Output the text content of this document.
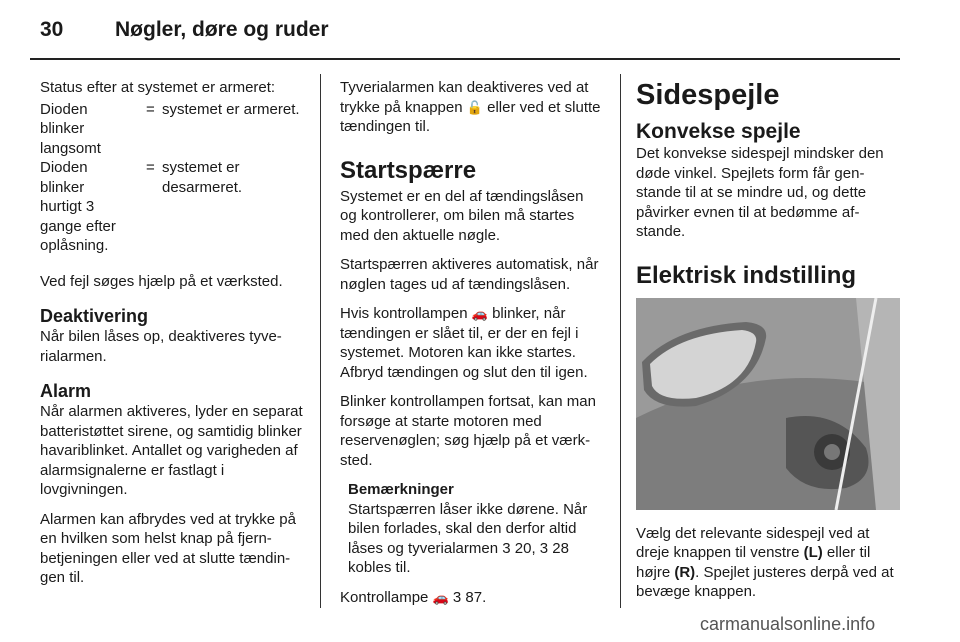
30 Nøgler, døre og ruder

Status efter at systemet er armeret:

Dioden blinker langsomt
= systemet er armeret.
Dioden blinker hurtigt 3 gange efter oplåsning.
= systemet er desarmeret.

Ved fejl søges hjælp på et værksted.

Deaktivering

Når bilen låses op, deaktiveres tyverialarmen.

Alarm

Når alarmen aktiveres, lyder en separat batteristøttet sirene, og samtidig blinker havariblinket. Antallet og varigheden af alarmsignalerne er fastlagt i lovgivningen.

Alarmen kan afbrydes ved at trykke på en hvilken som helst knap på fjernbetjeningen eller ved at slutte tændingen til.

Tyverialarmen kan deaktiveres ved at trykke på knappen 🔓 eller ved et slutte tændingen til.

Startspærre

Systemet er en del af tændingslåsen og kontrollerer, om bilen må startes med den aktuelle nøgle.

Startspærren aktiveres automatisk, når nøglen tages ud af tændingslåsen.

Hvis kontrollampen 🚗 blinker, når tændingen er slået til, er der en fejl i systemet. Motoren kan ikke startes. Afbryd tændingen og slut den til igen.

Blinker kontrollampen fortsat, kan man forsøge at starte motoren med reservenøglen; søg hjælp på et værksted.

Bemærkninger

Startspærren låser ikke dørene. Når bilen forlades, skal den derfor altid låses og tyverialarmen 3 20, 3 28 kobles til.

Kontrollampe 🚗 3 87.

Sidespejle
Konvekse spejle

Det konvekse sidespejl mindsker den døde vinkel. Spejlets form får genstande til at se mindre ud, og dette påvirker evnen til at bedømme afstande.

Elektrisk indstilling

Vælg det relevante sidespejl ved at dreje knappen til venstre (L) eller til højre (R). Spejlet justeres derpå ved at bevæge knappen.

carmanualsonline.info
